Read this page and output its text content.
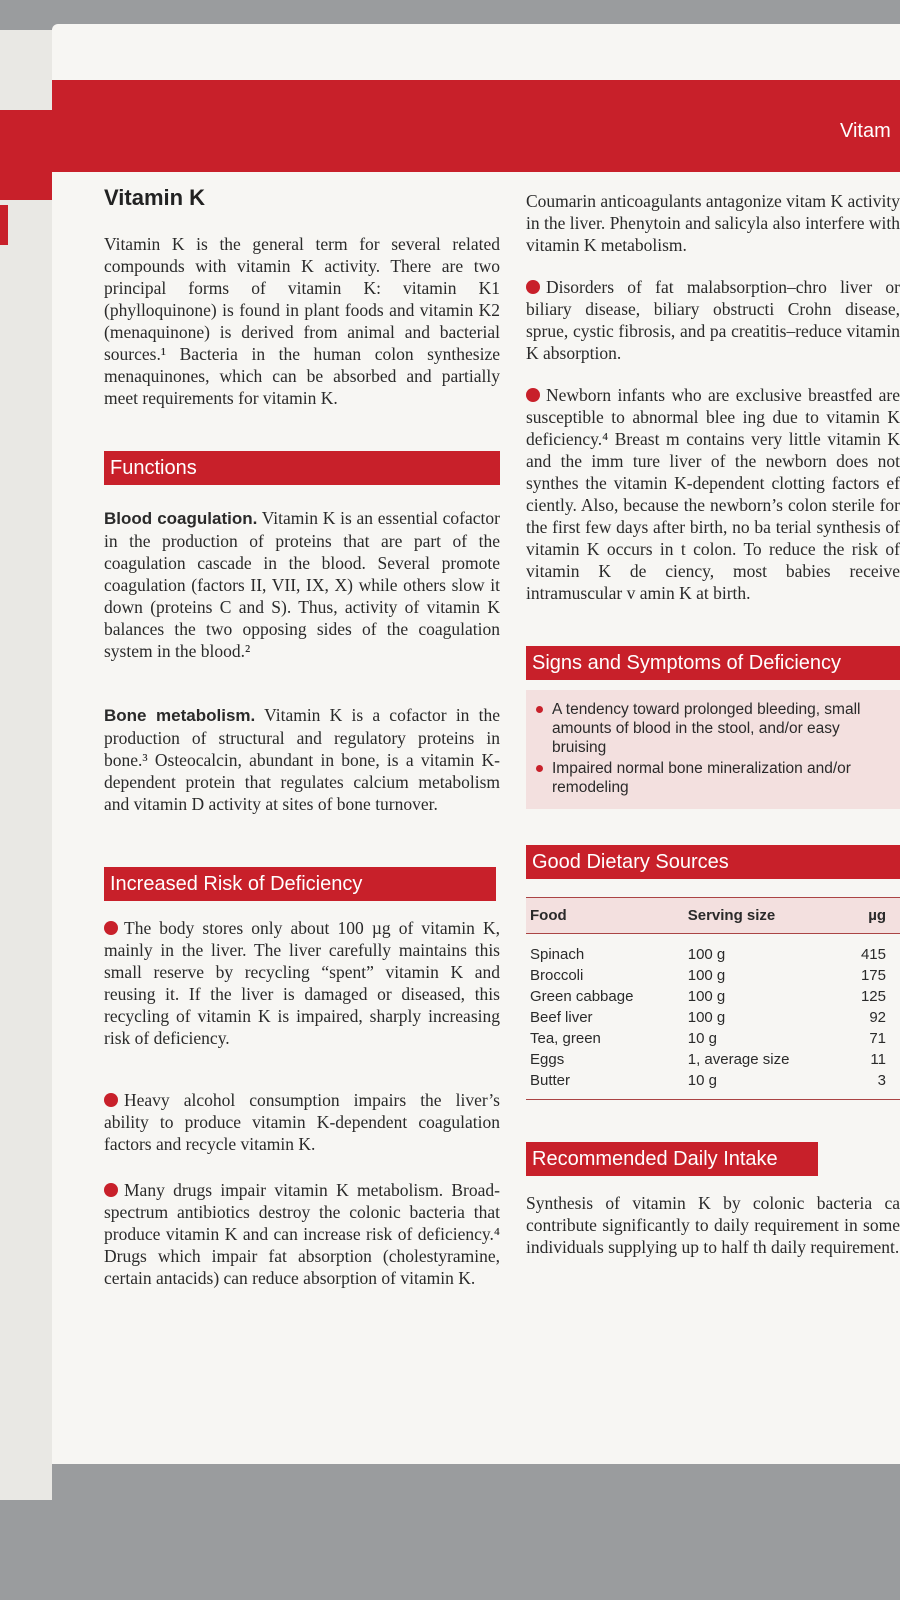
Vitam
Vitamin K

Vitamin K is the general term for several related compounds with vitamin K activity. There are two principal forms of vitamin K: vitamin K1 (phylloquinone) is found in plant foods and vitamin K2 (menaquinone) is derived from animal and bacterial sources.¹ Bacteria in the human colon synthesize menaquinones, which can be absorbed and partially meet requirements for vitamin K.

Functions

Blood coagulation. Vitamin K is an essential cofactor in the production of proteins that are part of the coagulation cascade in the blood. Several promote coagulation (factors II, VII, IX, X) while others slow it down (proteins C and S). Thus, activity of vitamin K balances the two opposing sides of the coagulation system in the blood.²

Bone metabolism. Vitamin K is a cofactor in the production of structural and regulatory proteins in bone.³ Osteocalcin, abundant in bone, is a vitamin K-dependent protein that regulates calcium metabolism and vitamin D activity at sites of bone turnover.

Increased Risk of Deficiency

The body stores only about 100 µg of vitamin K, mainly in the liver. The liver carefully maintains this small reserve by recycling “spent” vitamin K and reusing it. If the liver is damaged or diseased, this recycling of vitamin K is impaired, sharply increasing risk of deficiency.

Heavy alcohol consumption impairs the liver’s ability to produce vitamin K-dependent coagulation factors and recycle vitamin K.

Many drugs impair vitamin K metabolism. Broad-spectrum antibiotics destroy the colonic bacteria that produce vitamin K and can increase risk of deficiency.⁴ Drugs which impair fat absorption (cholestyramine, certain antacids) can reduce absorption of vitamin K.

Coumarin anticoagulants antagonize vitam K activity in the liver. Phenytoin and salicyla also interfere with vitamin K metabolism.

Disorders of fat malabsorption–chro liver or biliary disease, biliary obstructi Crohn disease, sprue, cystic fibrosis, and pa creatitis–reduce vitamin K absorption.

Newborn infants who are exclusive breastfed are susceptible to abnormal blee ing due to vitamin K deficiency.⁴ Breast m contains very little vitamin K and the imm ture liver of the newborn does not synthes the vitamin K-dependent clotting factors ef ciently. Also, because the newborn’s colon sterile for the first few days after birth, no ba terial synthesis of vitamin K occurs in t colon. To reduce the risk of vitamin K de ciency, most babies receive intramuscular v amin K at birth.

Signs and Symptoms of Deficiency
A tendency toward prolonged bleeding, small amounts of blood in the stool, and/or easy bruising
Impaired normal bone mineralization and/or remodeling
Good Dietary Sources
Food	Serving size	µg
Spinach	100 g	415
Broccoli	100 g	175
Green cabbage	100 g	125
Beef liver	100 g	92
Tea, green	10 g	71
Eggs	1, average size	11
Butter	10 g	3
Recommended Daily Intake

Synthesis of vitamin K by colonic bacteria ca contribute significantly to daily requirement in some individuals supplying up to half th daily requirement.
